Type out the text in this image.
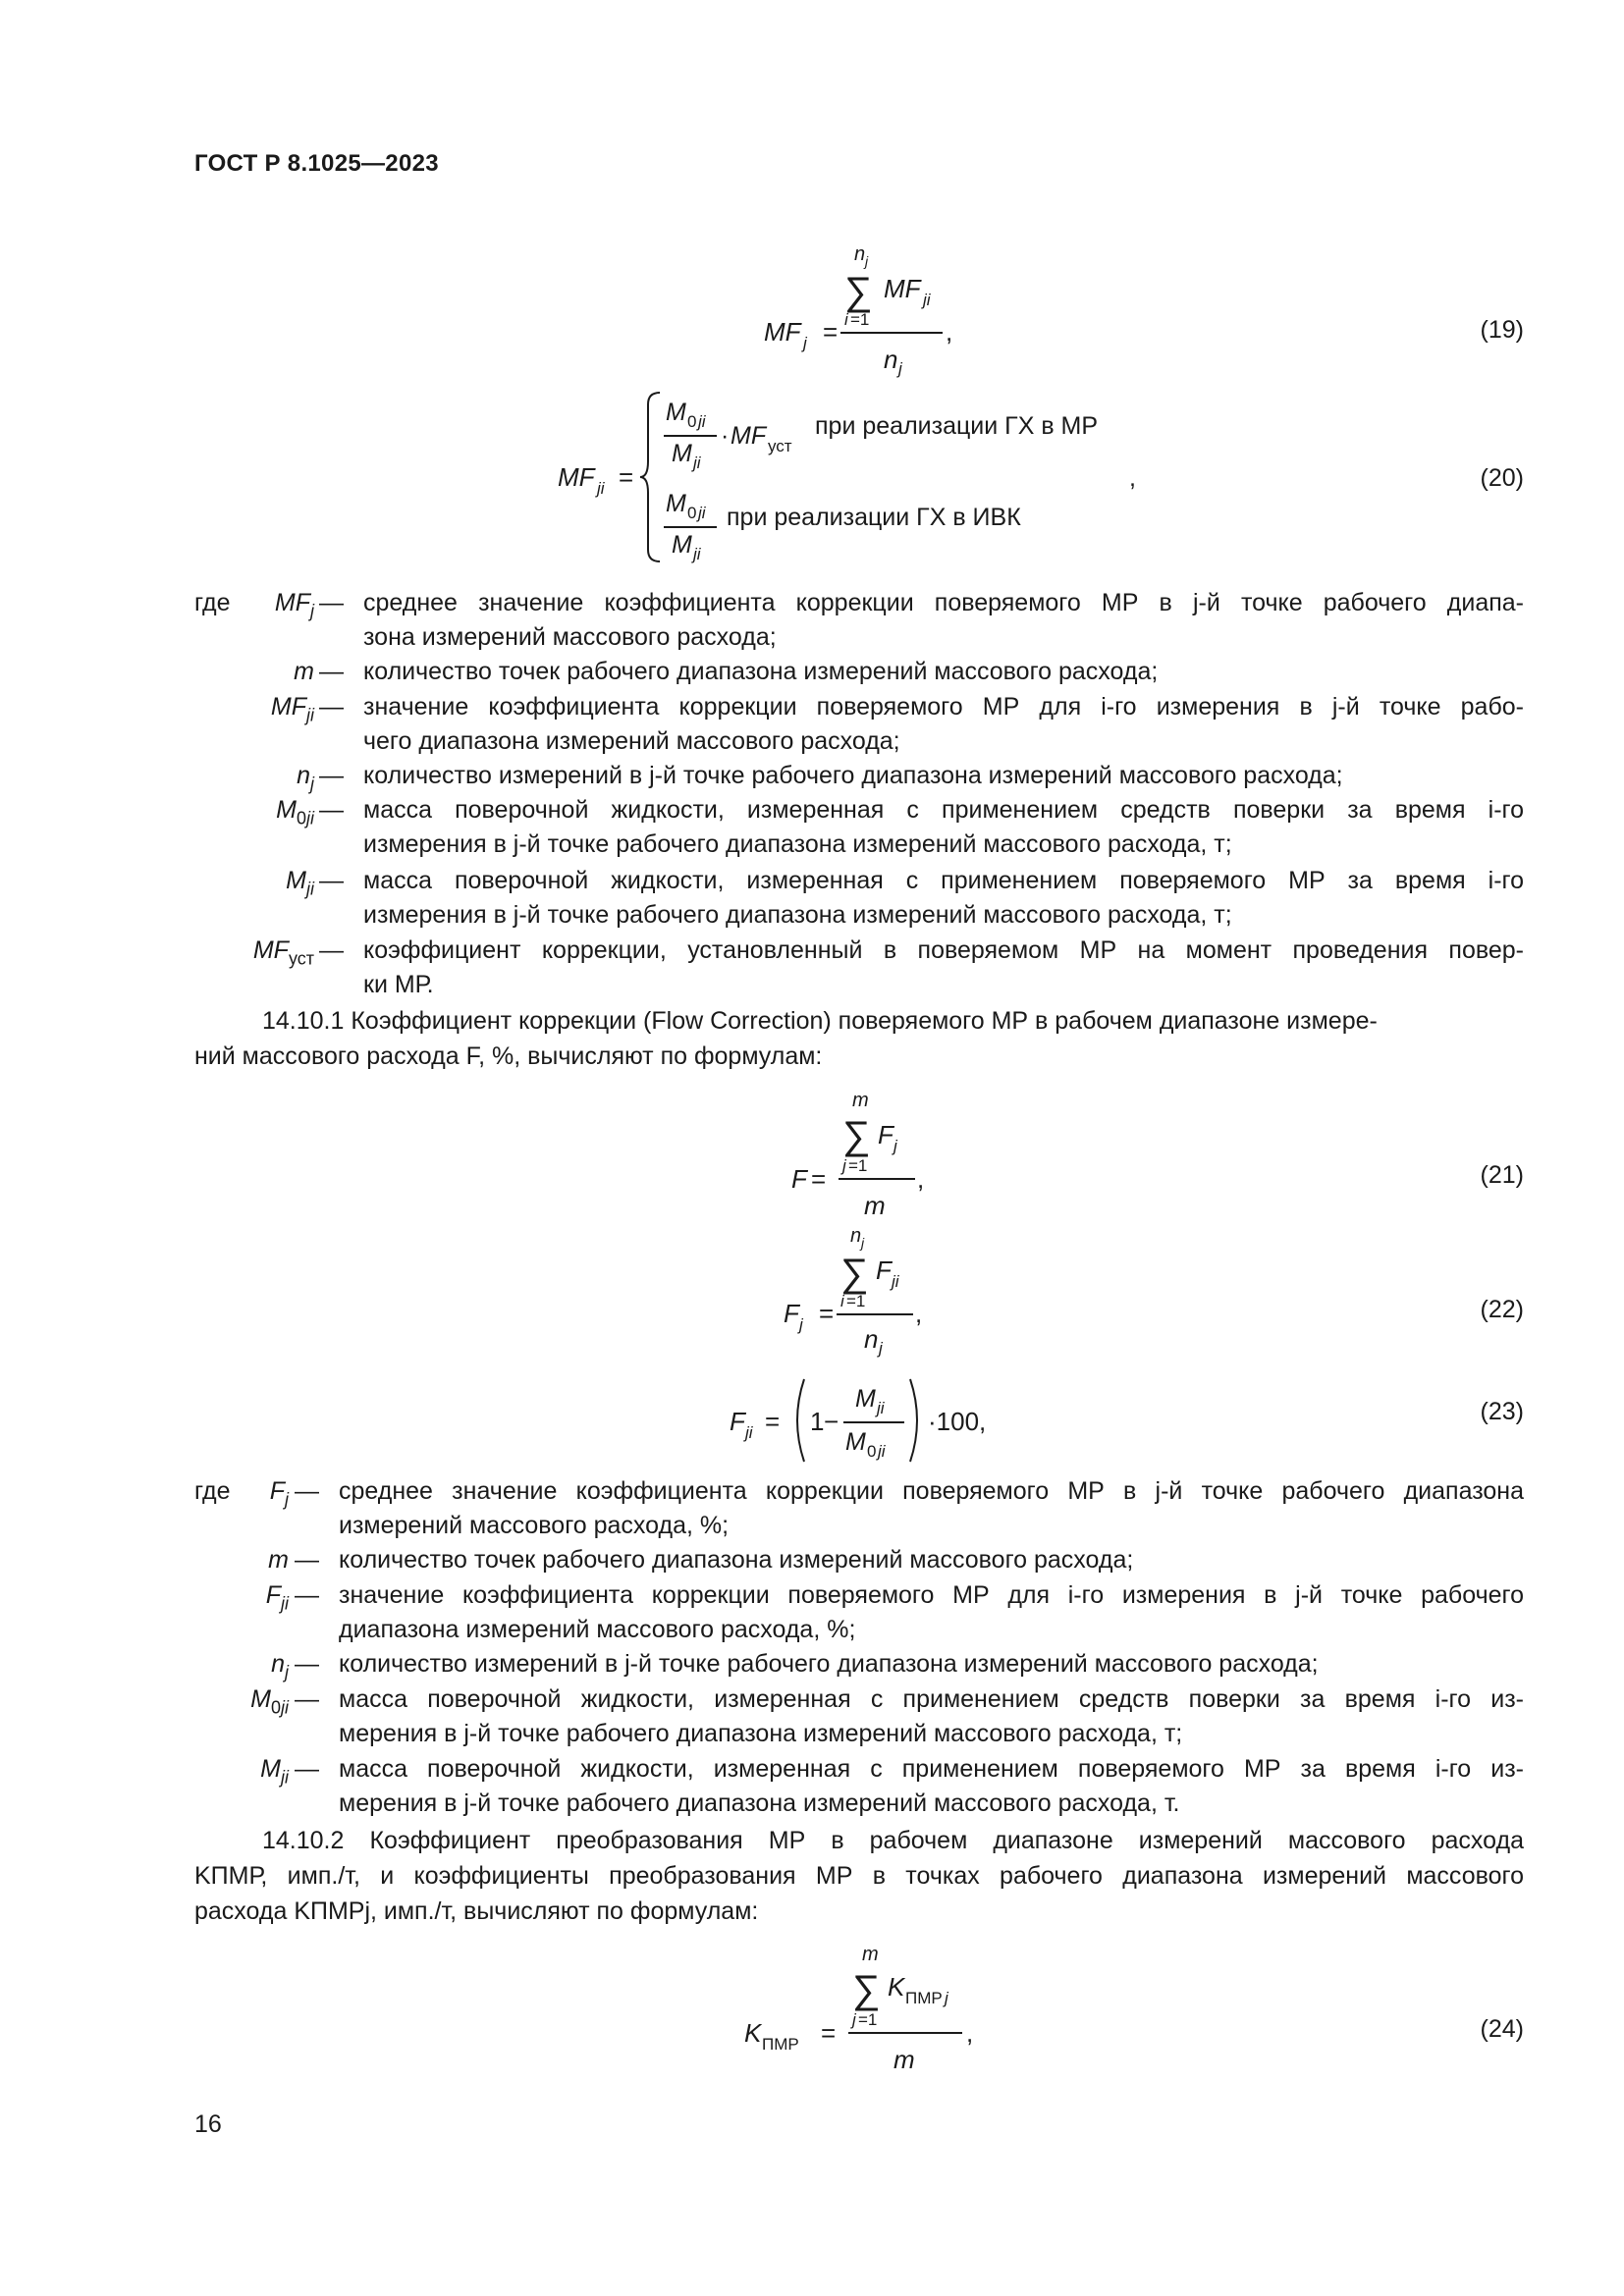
ГОСТ Р 8.1025—2023
n j
∑ MF ji
i =1
MF j =
n j
,	(19)
MF ji =
M 0 ji
M ji
· MF уст
M 0 ji
M ji
,
при реализации ГХ в МР
при реализации ГХ в ИВК
(20)
где	$MF_j$ — среднее значение коэффициента коррекции поверяемого МР в j-й точке рабочего диапа-
зона измерений массового расхода;
m — количество точек рабочего диапазона измерений массового расхода;
$MF_{ji}$ — значение коэффициента коррекции поверяемого МР для i-го измерения в j-й точке рабо-
чего диапазона измерений массового расхода;
$n_j$ — количество измерений в j-й точке рабочего диапазона измерений массового расхода;
$M_{0ji}$ — масса поверочной жидкости, измеренная с применением средств поверки за время i-го
измерения в j-й точке рабочего диапазона измерений массового расхода, т;
$M_{ji}$ — масса поверочной жидкости, измеренная с применением поверяемого МР за время i-го
измерения в j-й точке рабочего диапазона измерений массового расхода, т;
$MF_{уст}$ — коэффициент коррекции, установленный в поверяемом МР на момент проведения повер-
ки МР.
14.10.1 Коэффициент коррекции (Flow Correction) поверяемого МР в рабочем диапазоне измере-
ний массового расхода F, %, вычисляют по формулам:
m
∑ F j
j =1
F =
m
,	(21)
n j
∑ F ji
i =1
F j =
n j
,	(22)
F ji = 1 −
M ji
M 0 ji
·100,	(23)
где	$F_j$ — среднее значение коэффициента коррекции поверяемого МР в j-й точке рабочего диапазона
измерений массового расхода, %;
m — количество точек рабочего диапазона измерений массового расхода;
$F_{ji}$ — значение коэффициента коррекции поверяемого МР для i-го измерения в j-й точке рабочего
диапазона измерений массового расхода, %;
$n_j$ — количество измерений в j-й точке рабочего диапазона измерений массового расхода;
$M_{0ji}$ — масса поверочной жидкости, измеренная с применением средств поверки за время i-го из-
мерения в j-й точке рабочего диапазона измерений массового расхода, т;
$M_{ji}$ — масса поверочной жидкости, измеренная с применением поверяемого МР за время i-го из-
мерения в j-й точке рабочего диапазона измерений массового расхода, т.
14.10.2 Коэффициент преобразования МР в рабочем диапазоне измерений массового расхода
KПМР, имп./т, и коэффициенты преобразования МР в точках рабочего диапазона измерений массового
расхода KПМРj, имп./т, вычисляют по формулам:
m
∑ K ПМР j
j =1
K ПМР =
m
,	(24)
16
